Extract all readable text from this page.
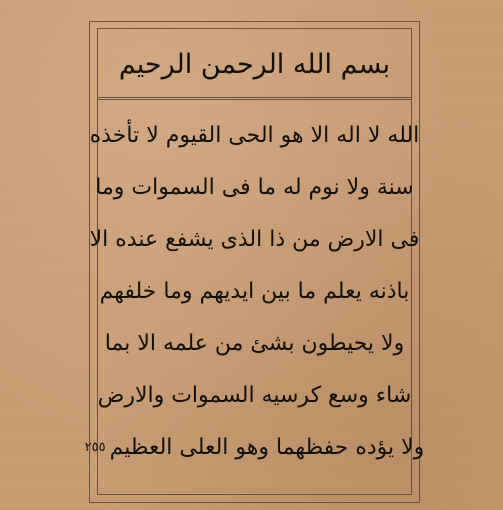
بسم الله الرحمن الرحيم
الله لا اله الا هو الحى القيوم لا تأخذه
سنة ولا نوم له ما فى السموات وما
فى الارض من ذا الذى يشفع عنده الا
باذنه يعلم ما بين ايديهم وما خلفهم
ولا يحيطون بشئ من علمه الا بما
شاء وسع كرسيه السموات والارض
ولا يؤده حفظهما وهو العلى العظيم
٢٥٥
